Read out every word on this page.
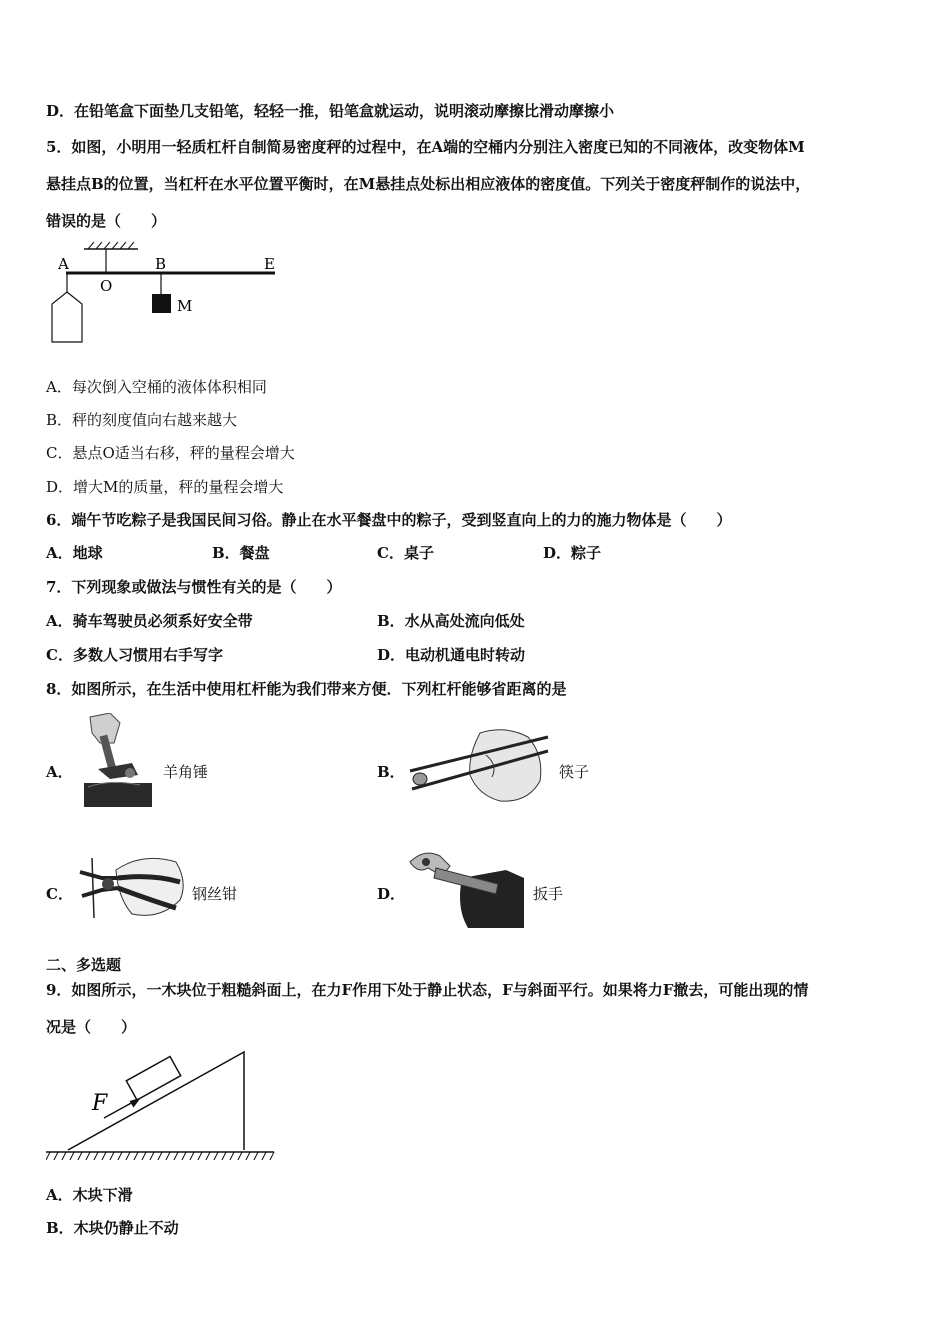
D．在铅笔盒下面垫几支铅笔，轻轻一推，铅笔盒就运动，说明滚动摩擦比滑动摩擦小
5．如图，小明用一轻质杠杆自制简易密度秤的过程中，在A端的空桶内分别注入密度已知的不同液体，改变物体M
悬挂点B的位置，当杠杆在水平位置平衡时，在M悬挂点处标出相应液体的密度值。下列关于密度秤制作的说法中，
错误的是（　　）
A
O
B	E
M
A．每次倒入空桶的液体体积相同
B．秤的刻度值向右越来越大
C．悬点O适当右移，秤的量程会增大
D．增大M的质量，秤的量程会增大
6．端午节吃粽子是我国民间习俗。静止在水平餐盘中的粽子，受到竖直向上的力的施力物体是（　　）
A．地球	B．餐盘	C．桌子	D．粽子
7．下列现象或做法与惯性有关的是（　　）
A．骑车驾驶员必须系好安全带	B．水从高处流向低处
C．多数人习惯用右手写字	D．电动机通电时转动
8．如图所示，在生活中使用杠杆能为我们带来方便．下列杠杆能够省距离的是
A．	羊角锤	B．	筷子
C．	钢丝钳	D．	扳手
二、多选题
9．如图所示，一木块位于粗糙斜面上，在力F作用下处于静止状态，F与斜面平行。如果将力F撤去，可能出现的情
况是（　　）
F
A．木块下滑
B．木块仍静止不动
